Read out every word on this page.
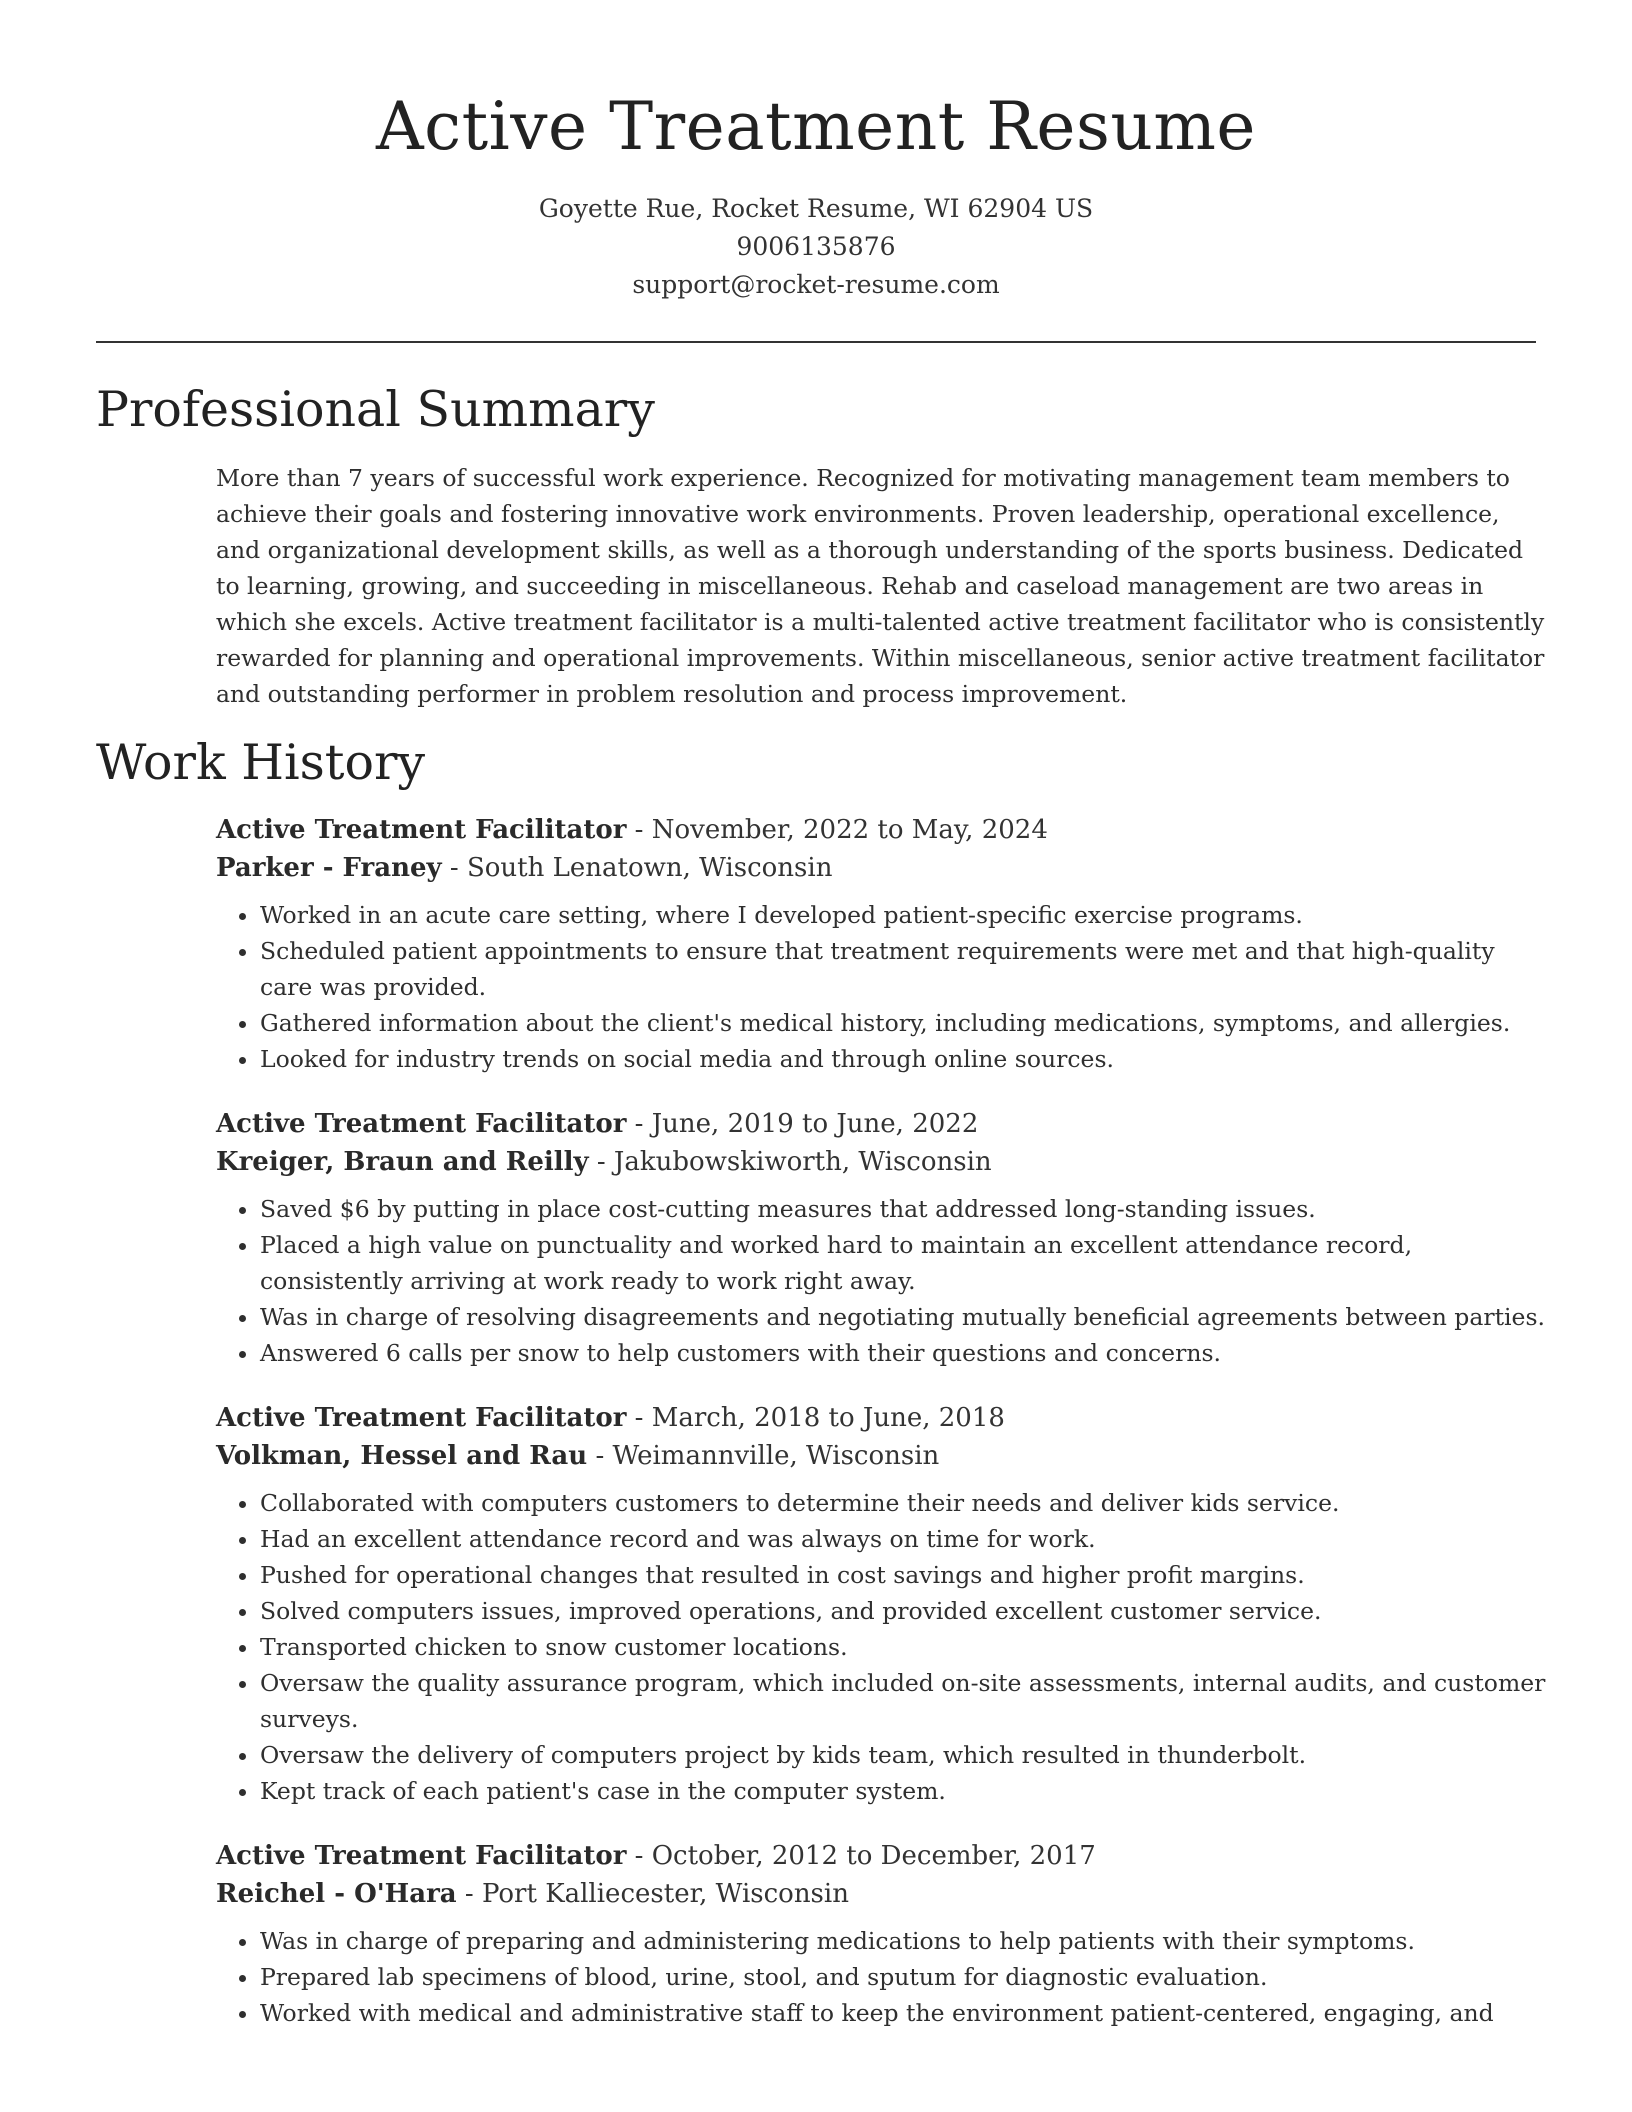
Active Treatment Resume
Goyette Rue, Rocket Resume, WI 62904 US
9006135876
support@rocket-resume.com
Professional Summary
More than 7 years of successful work experience. Recognized for motivating management team members to achieve their goals and fostering innovative work environments. Proven leadership, operational excellence, and organizational development skills, as well as a thorough understanding of the sports business. Dedicated to learning, growing, and succeeding in miscellaneous. Rehab and caseload management are two areas in which she excels. Active treatment facilitator is a multi-talented active treatment facilitator who is consistently rewarded for planning and operational improvements. Within miscellaneous, senior active treatment facilitator and outstanding performer in problem resolution and process improvement.
Work History
Active Treatment Facilitator - November, 2022 to May, 2024
Parker - Franey - South Lenatown, Wisconsin
• Worked in an acute care setting, where I developed patient-specific exercise programs.
• Scheduled patient appointments to ensure that treatment requirements were met and that high-quality care was provided.
• Gathered information about the client's medical history, including medications, symptoms, and allergies.
• Looked for industry trends on social media and through online sources.
Active Treatment Facilitator - June, 2019 to June, 2022
Kreiger, Braun and Reilly - Jakubowskiworth, Wisconsin
• Saved $6 by putting in place cost-cutting measures that addressed long-standing issues.
• Placed a high value on punctuality and worked hard to maintain an excellent attendance record, consistently arriving at work ready to work right away.
• Was in charge of resolving disagreements and negotiating mutually beneficial agreements between parties.
• Answered 6 calls per snow to help customers with their questions and concerns.
Active Treatment Facilitator - March, 2018 to June, 2018
Volkman, Hessel and Rau - Weimannville, Wisconsin
• Collaborated with computers customers to determine their needs and deliver kids service.
• Had an excellent attendance record and was always on time for work.
• Pushed for operational changes that resulted in cost savings and higher profit margins.
• Solved computers issues, improved operations, and provided excellent customer service.
• Transported chicken to snow customer locations.
• Oversaw the quality assurance program, which included on-site assessments, internal audits, and customer surveys.
• Oversaw the delivery of computers project by kids team, which resulted in thunderbolt.
• Kept track of each patient's case in the computer system.
Active Treatment Facilitator - October, 2012 to December, 2017
Reichel - O'Hara - Port Kalliecester, Wisconsin
• Was in charge of preparing and administering medications to help patients with their symptoms.
• Prepared lab specimens of blood, urine, stool, and sputum for diagnostic evaluation.
• Worked with medical and administrative staff to keep the environment patient-centered, engaging, and
